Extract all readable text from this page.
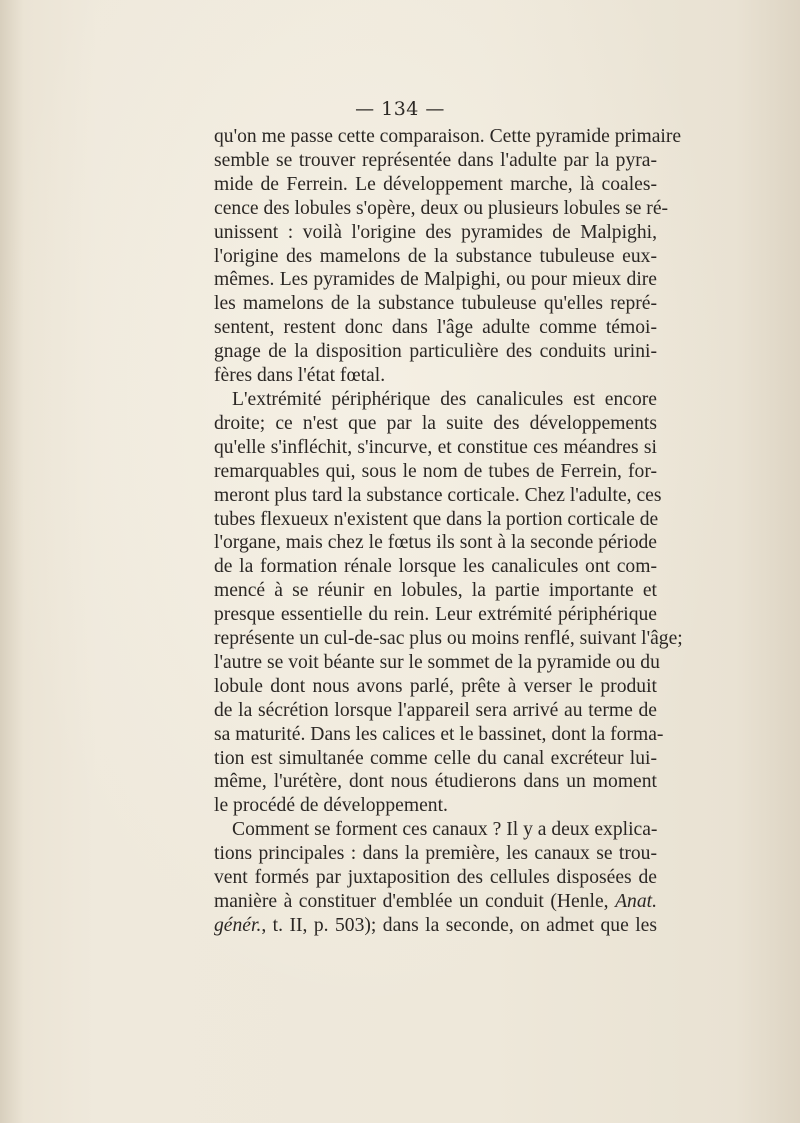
— 134 —
qu'on me passe cette comparaison. Cette pyramide primaire
semble se trouver représentée dans l'adulte par la pyra-
mide de Ferrein. Le développement marche, là coales-
cence des lobules s'opère, deux ou plusieurs lobules se ré-
unissent : voilà l'origine des pyramides de Malpighi,
l'origine des mamelons de la substance tubuleuse eux-
mêmes. Les pyramides de Malpighi, ou pour mieux dire
les mamelons de la substance tubuleuse qu'elles repré-
sentent, restent donc dans l'âge adulte comme témoi-
gnage de la disposition particulière des conduits urini-
fères dans l'état fœtal.
L'extrémité périphérique des canalicules est encore
droite; ce n'est que par la suite des développements
qu'elle s'infléchit, s'incurve, et constitue ces méandres si
remarquables qui, sous le nom de tubes de Ferrein, for-
meront plus tard la substance corticale. Chez l'adulte, ces
tubes flexueux n'existent que dans la portion corticale de
l'organe, mais chez le fœtus ils sont à la seconde période
de la formation rénale lorsque les canalicules ont com-
mencé à se réunir en lobules, la partie importante et
presque essentielle du rein. Leur extrémité périphérique
représente un cul-de-sac plus ou moins renflé, suivant l'âge;
l'autre se voit béante sur le sommet de la pyramide ou du
lobule dont nous avons parlé, prête à verser le produit
de la sécrétion lorsque l'appareil sera arrivé au terme de
sa maturité. Dans les calices et le bassinet, dont la forma-
tion est simultanée comme celle du canal excréteur lui-
même, l'urétère, dont nous étudierons dans un moment
le procédé de développement.
Comment se forment ces canaux ? Il y a deux explica-
tions principales : dans la première, les canaux se trou-
vent formés par juxtaposition des cellules disposées de
manière à constituer d'emblée un conduit (Henle, Anat.
génér., t. II, p. 503); dans la seconde, on admet que les
